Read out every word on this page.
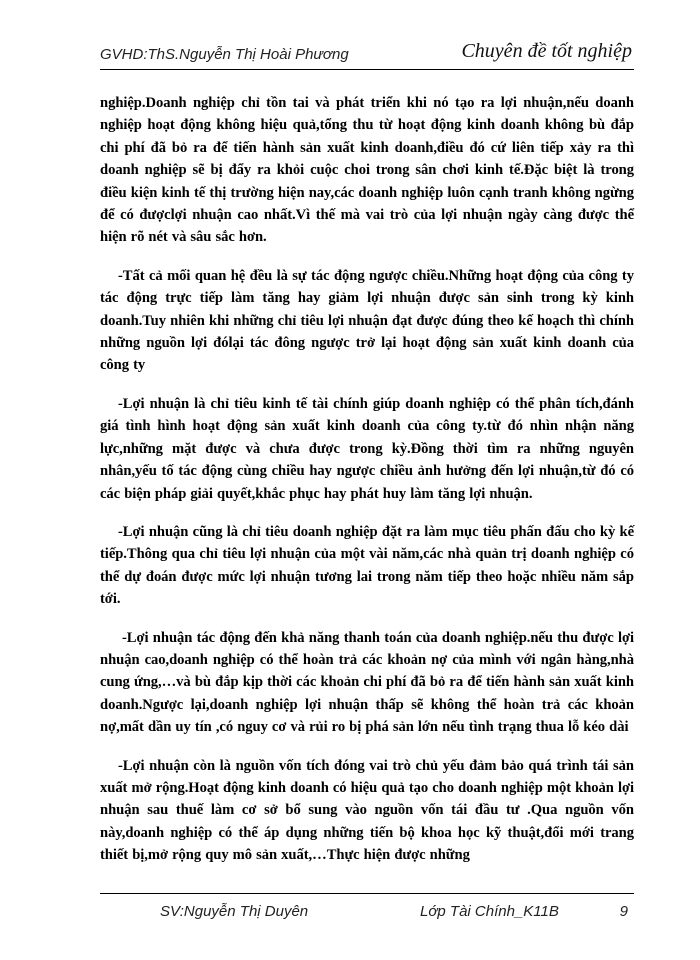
GVHD:ThS.Nguyễn Thị Hoài Phương	Chuyên đề tốt nghiệp

nghiệp.Doanh nghiệp chỉ tồn tai và phát triển khi nó tạo ra lợi nhuận,nếu doanh nghiệp hoạt động không hiệu quả,tổng thu từ hoạt động kinh doanh không bù đắp chi phí đã bỏ ra để tiến hành sản xuất kinh doanh,điều đó cứ liên tiếp xảy ra thì doanh nghiệp sẽ bị đẩy ra khỏi cuộc choi trong sân chơi kinh tế.Đặc biệt là trong điều kiện kinh tế thị trường hiện nay,các doanh nghiệp luôn cạnh tranh không ngừng để có đượclợi nhuận cao nhất.Vì thế mà vai trò của lợi nhuận ngày càng được thể hiện rõ nét và sâu sắc hơn.

-Tất cả mối quan hệ đều là sự tác động ngược chiều.Những hoạt động của công ty tác động trực tiếp làm tăng hay giảm lợi nhuận được sản sinh trong kỳ kinh doanh.Tuy nhiên khi những chỉ tiêu lợi nhuận đạt được đúng theo kế hoạch thì chính những nguồn lợi đólại tác đông ngược trở lại hoạt động sản xuất kinh doanh của công ty

-Lợi nhuận là chỉ tiêu kinh tế tài chính giúp doanh nghiệp có thể phân tích,đánh giá tình hình hoạt động sản xuất kinh doanh của công ty.từ đó nhìn nhận năng lực,những mặt được và chưa được trong kỳ.Đồng thời tìm ra những nguyên nhân,yếu tố tác động cùng chiều hay ngược chiều ảnh hưởng đến lợi nhuận,từ đó có các biện pháp giải quyết,khắc phục hay phát huy làm tăng lợi nhuận.

-Lợi nhuận cũng là chỉ tiêu doanh nghiệp đặt ra làm mục tiêu phấn đấu cho kỳ kế tiếp.Thông qua chỉ tiêu lợi nhuận của một vài năm,các nhà quản trị doanh nghiệp có thể dự đoán được mức lợi nhuận tương lai trong năm tiếp theo hoặc nhiều năm sắp tới.

-Lợi nhuận tác động đến khả năng thanh toán của doanh nghiệp.nếu thu được lợi nhuận cao,doanh nghiệp có thể hoàn trả các khoản nợ của mình với ngân hàng,nhà cung ứng,…và bù đắp kịp thời các khoản chi phí đã bỏ ra để tiến hành sản xuất kinh doanh.Ngược lại,doanh nghiệp lợi nhuận thấp sẽ không thể hoàn trả các khoản nợ,mất dần uy tín ,có nguy cơ và rủi ro bị phá sản lớn nếu tình trạng thua lỗ kéo dài

-Lợi nhuận còn là nguồn vốn tích đóng vai trò chủ yếu đảm bảo quá trình tái sản xuất mở rộng.Hoạt động kinh doanh có hiệu quả tạo cho doanh nghiệp một khoản lợi nhuận sau thuế làm cơ sở bổ sung vào nguồn vốn tái đầu tư .Qua nguồn vốn này,doanh nghiệp có thể áp dụng những tiến bộ khoa học kỹ thuật,đổi mới trang thiết bị,mở rộng quy mô sản xuất,…Thực hiện được những

SV:Nguyễn Thị Duyên	Lớp Tài Chính_K11B	9
